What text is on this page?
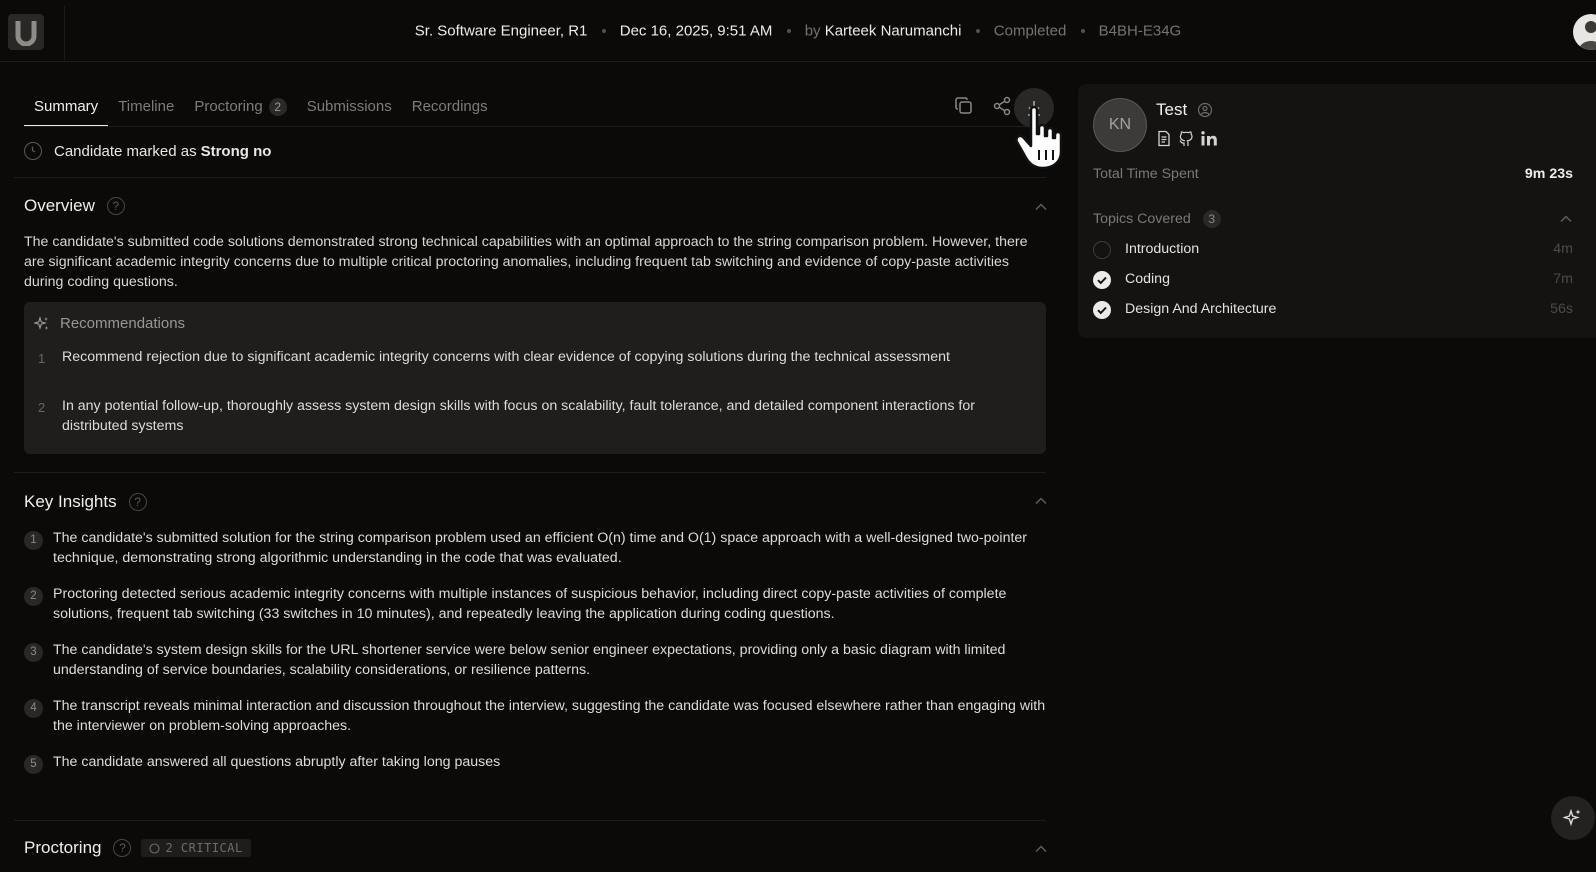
Sr. Software Engineer, R1 Dec 16, 2025, 9:51 AM by Karteek Narumanchi Completed B4BH-E34G
Summary	Timeline	Proctoring 2	Submissions	Recordings
Candidate marked as Strong no
Overview	?
The candidate's submitted code solutions demonstrated strong technical capabilities with an optimal approach to the string comparison problem. However, there are significant academic integrity concerns due to multiple critical proctoring anomalies, including frequent tab switching and evidence of copy-paste activities during coding questions.
Recommendations
1 Recommend rejection due to significant academic integrity concerns with clear evidence of copying solutions during the technical assessment
2 In any potential follow-up, thoroughly assess system design skills with focus on scalability, fault tolerance, and detailed component interactions for distributed systems
Key Insights	?
1	The candidate's submitted solution for the string comparison problem used an efficient O(n) time and O(1) space approach with a well-designed two-pointer technique, demonstrating strong algorithmic understanding in the code that was evaluated.
2	Proctoring detected serious academic integrity concerns with multiple instances of suspicious behavior, including direct copy-paste activities of complete solutions, frequent tab switching (33 switches in 10 minutes), and repeatedly leaving the application during coding questions.
3	The candidate's system design skills for the URL shortener service were below senior engineer expectations, providing only a basic diagram with limited understanding of service boundaries, scalability considerations, or resilience patterns.
4	The transcript reveals minimal interaction and discussion throughout the interview, suggesting the candidate was focused elsewhere rather than engaging with the interviewer on problem-solving approaches.
5	The candidate answered all questions abruptly after taking long pauses
Proctoring	?	2 CRITICAL
KN
Test
Total Time Spent	9m 23s
Topics Covered 3
Introduction	4m
Coding	7m
Design And Architecture	56s
